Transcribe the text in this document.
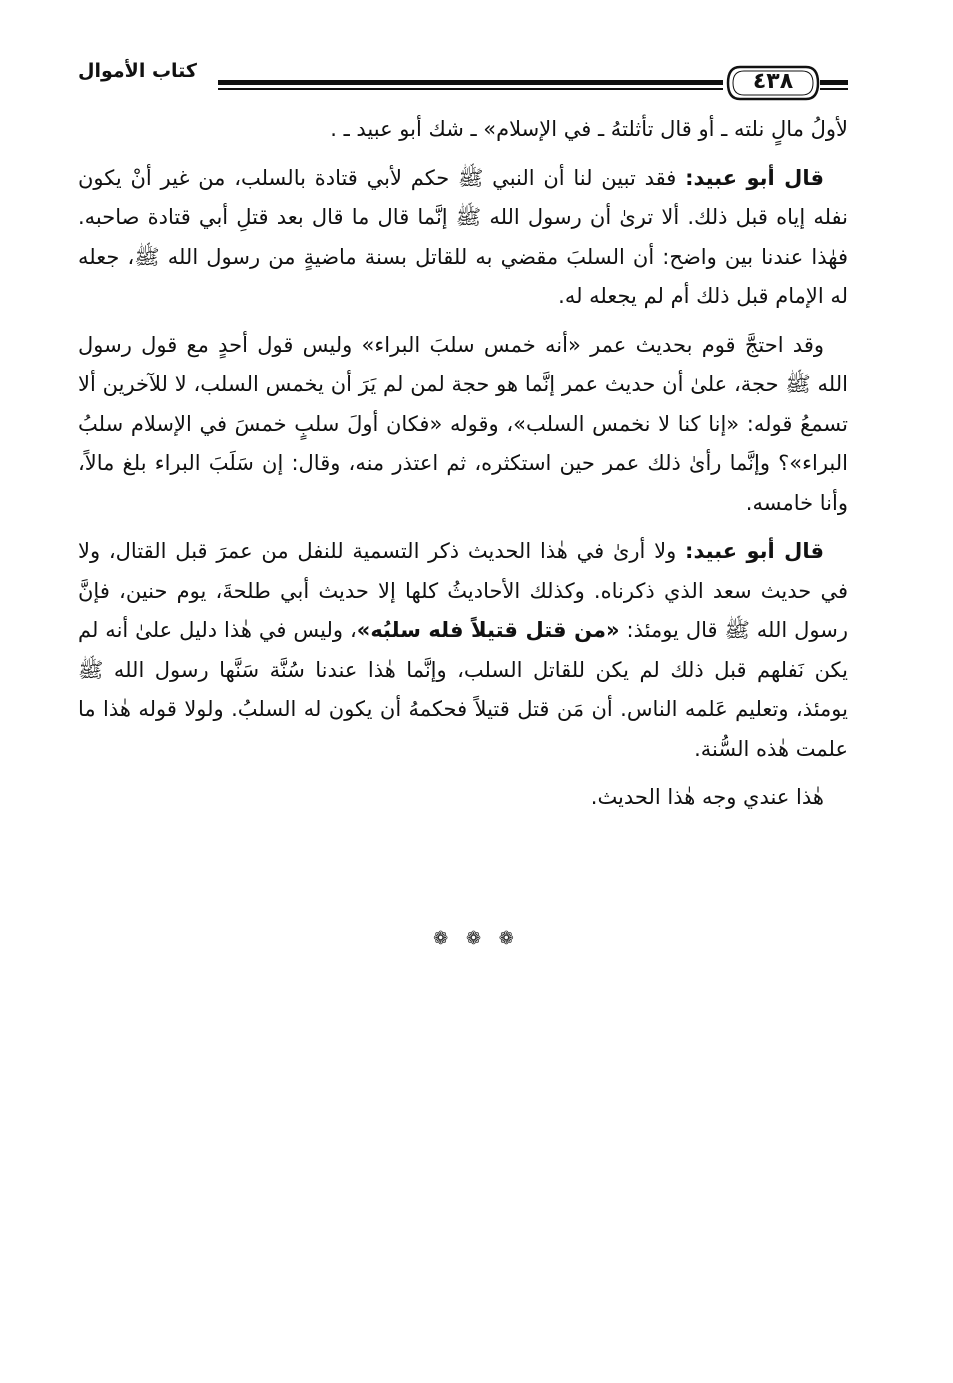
كتاب الأموال	٤٣٨

لأولُ مالٍ نلته ـ أو قال تأثلتهُ ـ في الإسلام» ـ شك أبو عبيد ـ .

قال أبو عبيد: فقد تبين لنا أن النبي ﷺ حكم لأبي قتادة بالسلب، من غير أنْ يكون نفله إياه قبل ذلك. ألا ترىٰ أن رسول الله ﷺ إنَّما قال ما قال بعد قتلِ أبي قتادة صاحبه. فهٰذا عندنا بين واضح: أن السلبَ مقضي به للقاتل بسنة ماضيةٍ من رسول الله ﷺ، جعله له الإمام قبل ذلك أم لم يجعله له.

وقد احتجَّ قوم بحديث عمر «أنه خمس سلبَ البراء» وليس قول أحدٍ مع قول رسول الله ﷺ حجة، علىٰ أن حديث عمر إنَّما هو حجة لمن لم يَرَ أن يخمس السلب، لا للآخرين ألا تسمعُ قوله: «إنا كنا لا نخمس السلب»، وقوله «فكان أولَ سلبٍ خمسَ في الإسلام سلبُ البراء»؟ وإنَّما رأىٰ ذلك عمر حين استكثره، ثم اعتذر منه، وقال: إن سَلَبَ البراء بلغ مالاً، وأنا خامسه.

قال أبو عبيد: ولا أرىٰ في هٰذا الحديث ذكر التسمية للنفل من عمرَ قبل القتال، ولا في حديث سعد الذي ذكرناه. وكذلك الأحاديثُ كلها إلا حديث أبي طلحةَ، يوم حنين، فإنَّ رسول الله ﷺ قال يومئذ: «من قتل قتيلاً فله سلبُه»، وليس في هٰذا دليل علىٰ أنه لم يكن نَفلهم قبل ذلك لم يكن للقاتل السلب، وإنَّما هٰذا عندنا سُنَّة سَنَّها رسول الله ﷺ يومئذ، وتعليم عَلمه الناس. أن مَن قتل قتيلاً فحكمهُ أن يكون له السلبُ. ولولا قوله هٰذا ما علمت هٰذه السُّنة.

هٰذا عندي وجه هٰذا الحديث.

❁ ❁ ❁
